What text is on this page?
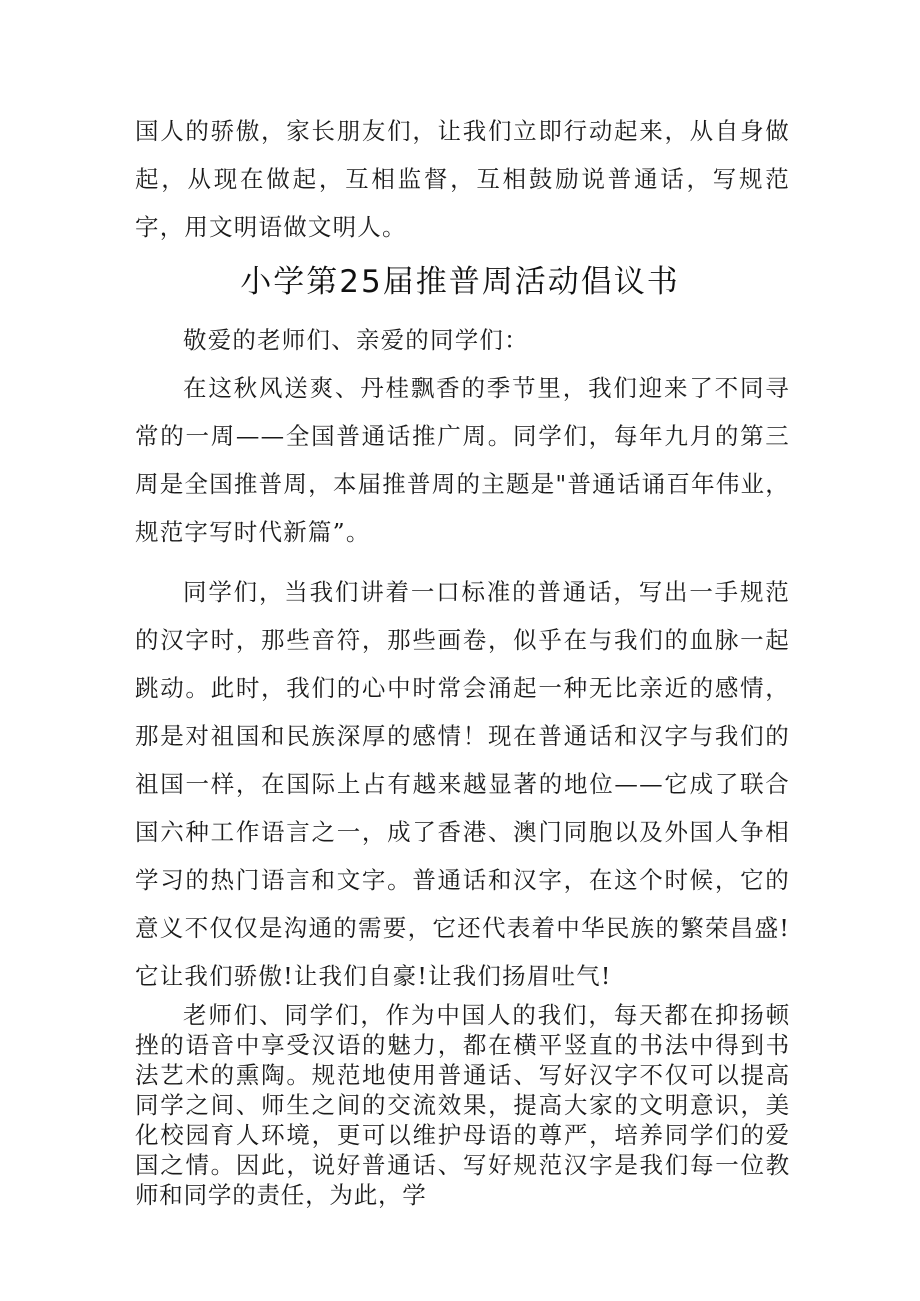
国人的骄傲，家长朋友们，让我们立即行动起来，从自身做起，从现在做起，互相监督，互相鼓励说普通话，写规范字，用文明语做文明人。

小学第25届推普周活动倡议书

敬爱的老师们、亲爱的同学们：

在这秋风送爽、丹桂飘香的季节里，我们迎来了不同寻常的一周——全国普通话推广周。同学们，每年九月的第三周是全国推普周，本届推普周的主题是"普通话诵百年伟业，规范字写时代新篇”。

同学们，当我们讲着一口标准的普通话，写出一手规范的汉字时，那些音符，那些画卷，似乎在与我们的血脉一起跳动。此时，我们的心中时常会涌起一种无比亲近的感情，那是对祖国和民族深厚的感情！现在普通话和汉字与我们的祖国一样，在国际上占有越来越显著的地位——它成了联合国六种工作语言之一，成了香港、澳门同胞以及外国人争相学习的热门语言和文字。普通话和汉字，在这个时候，它的意义不仅仅是沟通的需要，它还代表着中华民族的繁荣昌盛!它让我们骄傲!让我们自豪!让我们扬眉吐气!

老师们、同学们，作为中国人的我们，每天都在抑扬顿挫的语音中享受汉语的魅力，都在横平竖直的书法中得到书法艺术的熏陶。规范地使用普通话、写好汉字不仅可以提高同学之间、师生之间的交流效果，提高大家的文明意识，美化校园育人环境，更可以维护母语的尊严，培养同学们的爱国之情。因此，说好普通话、写好规范汉字是我们每一位教师和同学的责任，为此，学
